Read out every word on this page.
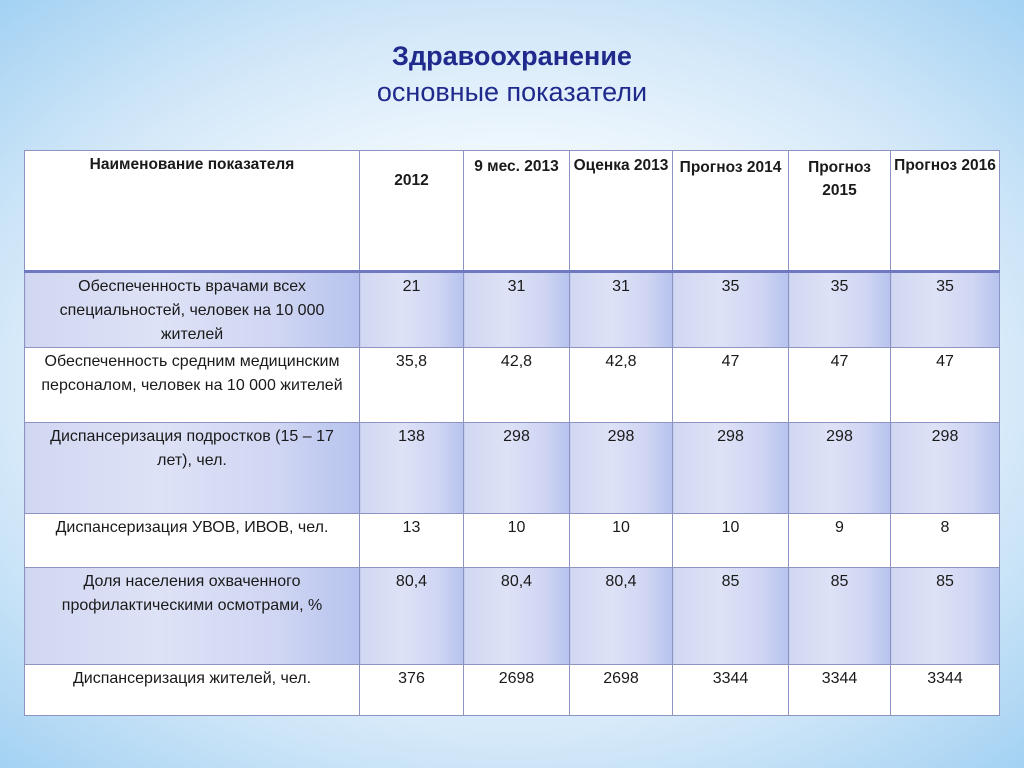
Здравоохранение
основные показатели
Наименование показателя	2012	9 мес. 2013	Оценка 2013	Прогноз 2014	Прогноз 2015	Прогноз 2016
Обеспеченность врачами всех специальностей, человек на 10 000 жителей	21	31	31	35	35	35
Обеспеченность средним медицинским персоналом, человек на 10 000 жителей	35,8	42,8	42,8	47	47	47
Диспансеризация подростков (15 – 17 лет), чел.	138	298	298	298	298	298
Диспансеризация УВОВ, ИВОВ, чел.	13	10	10	10	9	8
Доля населения охваченного профилактическими осмотрами, %	80,4	80,4	80,4	85	85	85
Диспансеризация жителей, чел.	376	2698	2698	3344	3344	3344
